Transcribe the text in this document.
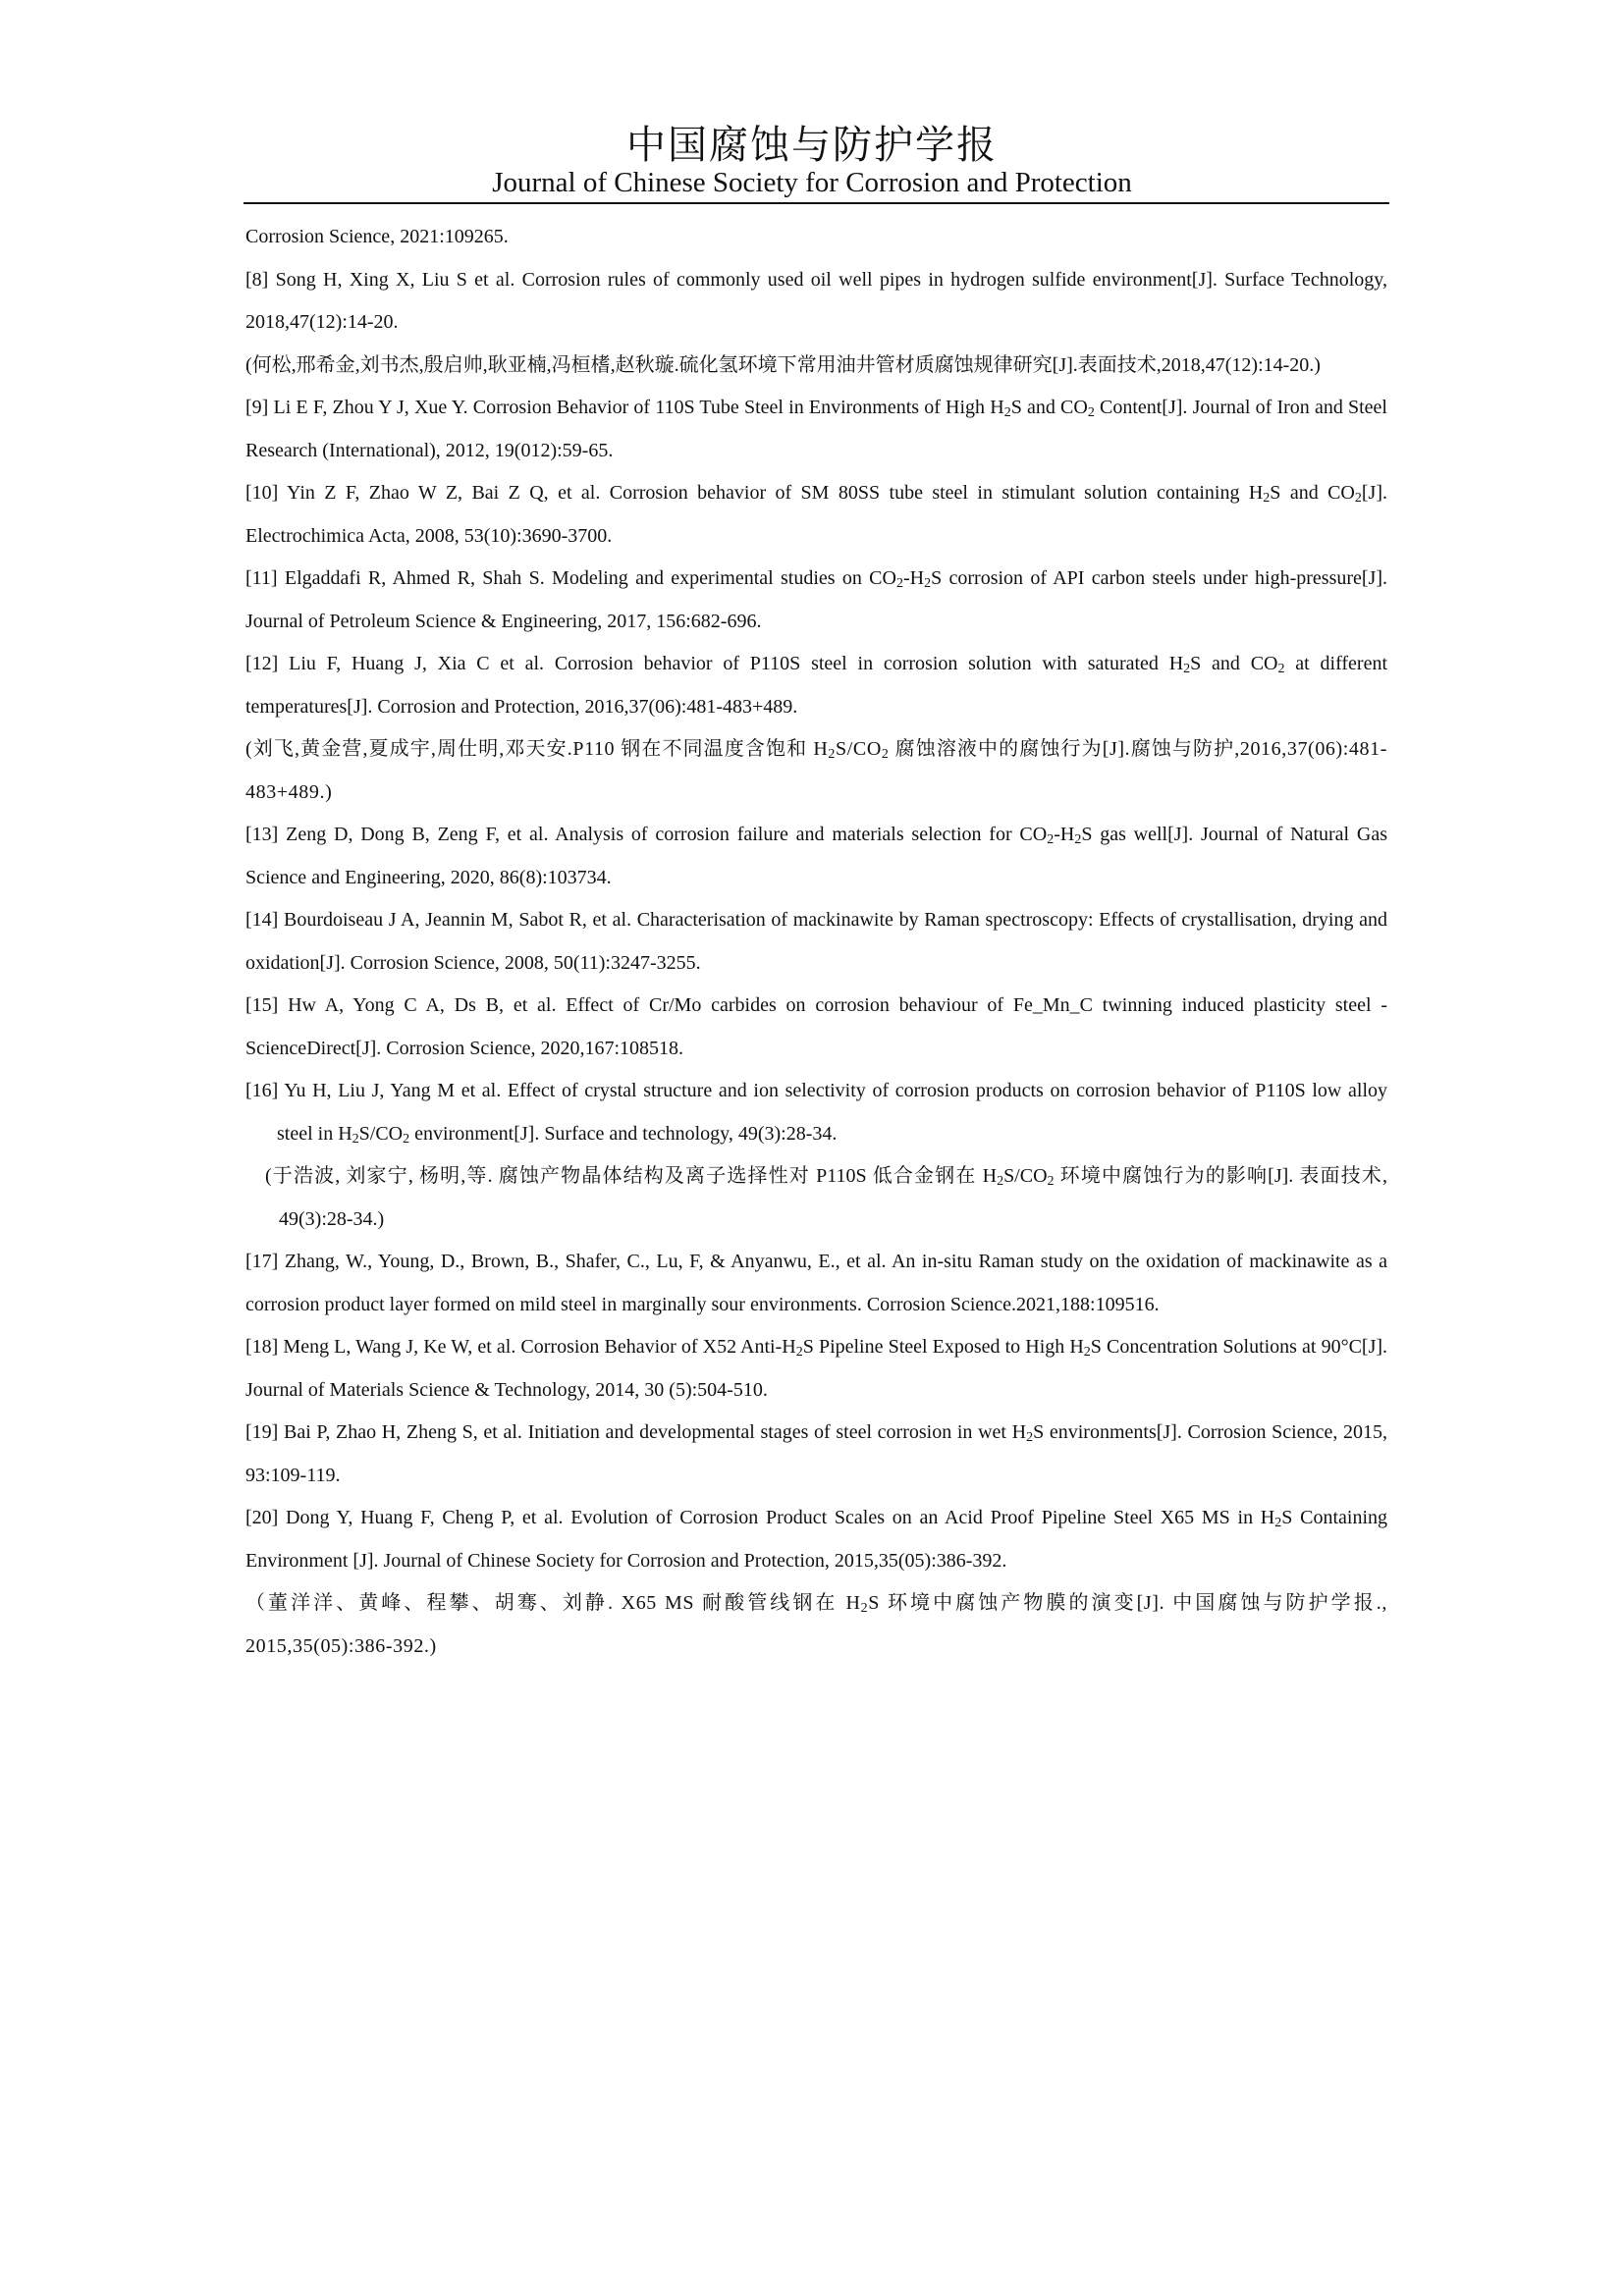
中国腐蚀与防护学报
Journal of Chinese Society for Corrosion and Protection

Corrosion Science, 2021:109265.

[8] Song H, Xing X, Liu S et al. Corrosion rules of commonly used oil well pipes in hydrogen sulfide environment[J]. Surface Technology, 2018,47(12):14-20.

(何松,邢希金,刘书杰,殷启帅,耿亚楠,冯桓榰,赵秋璇.硫化氢环境下常用油井管材质腐蚀规律研究[J].表面技术,2018,47(12):14-20.)

[9] Li E F, Zhou Y J, Xue Y. Corrosion Behavior of 110S Tube Steel in Environments of High $H_2S$ and $CO_2$ Content[J]. Journal of Iron and Steel Research (International), 2012, 19(012):59-65.

[10] Yin Z F, Zhao W Z, Bai Z Q, et al. Corrosion behavior of SM 80SS tube steel in stimulant solution containing $H_2S$ and $CO_2[J]$. Electrochimica Acta, 2008, 53(10):3690-3700.

[11] Elgaddafi R, Ahmed R, Shah S. Modeling and experimental studies on $CO_2-H_2S$ corrosion of API carbon steels under high-pressure[J]. Journal of Petroleum Science & Engineering, 2017, 156:682-696.

[12] Liu F, Huang J, Xia C et al. Corrosion behavior of P110S steel in corrosion solution with saturated $H_2S$ and $CO_2$ at different temperatures[J]. Corrosion and Protection, 2016,37(06):481-483+489.

(刘飞,黄金营,夏成宇,周仕明,邓天安.P110 钢在不同温度含饱和 $H_2S/CO_2$ 腐蚀溶液中的腐蚀行为[J].腐蚀与防护,2016,37(06):481-483+489.)

[13] Zeng D, Dong B, Zeng F, et al. Analysis of corrosion failure and materials selection for $CO_2-H_2S$ gas well[J]. Journal of Natural Gas Science and Engineering, 2020, 86(8):103734.

[14] Bourdoiseau J A, Jeannin M, Sabot R, et al. Characterisation of mackinawite by Raman spectroscopy: Effects of crystallisation, drying and oxidation[J]. Corrosion Science, 2008, 50(11):3247-3255.

[15] Hw A, Yong C A, Ds B, et al. Effect of Cr/Mo carbides on corrosion behaviour of Fe_Mn_C twinning induced plasticity steel - ScienceDirect[J]. Corrosion Science, 2020,167:108518.

[16] Yu H, Liu J, Yang M et al. Effect of crystal structure and ion selectivity of corrosion products on corrosion behavior of P110S low alloy steel in $H_2S/CO_2$ environment[J]. Surface and technology, 49(3):28-34.

(于浩波, 刘家宁, 杨明,等. 腐蚀产物晶体结构及离子选择性对 P110S 低合金钢在 $H_2S/CO_2$ 环境中腐蚀行为的影响[J]. 表面技术, 49(3):28-34.)

[17] Zhang, W., Young, D., Brown, B., Shafer, C., Lu, F, & Anyanwu, E., et al. An in-situ Raman study on the oxidation of mackinawite as a corrosion product layer formed on mild steel in marginally sour environments. Corrosion Science.2021,188:109516.

[18] Meng L, Wang J, Ke W, et al. Corrosion Behavior of X52 Anti-$H_2S$ Pipeline Steel Exposed to High $H_2S$ Concentration Solutions at 90°C[J]. Journal of Materials Science & Technology, 2014, 30 (5):504-510.

[19] Bai P, Zhao H, Zheng S, et al. Initiation and developmental stages of steel corrosion in wet $H_2S$ environments[J]. Corrosion Science, 2015, 93:109-119.

[20] Dong Y, Huang F, Cheng P, et al. Evolution of Corrosion Product Scales on an Acid Proof Pipeline Steel X65 MS in $H_2S$ Containing Environment [J]. Journal of Chinese Society for Corrosion and Protection, 2015,35(05):386-392.

（董洋洋、黄峰、程攀、胡骞、刘静. X65 MS 耐酸管线钢在 $H_2S$ 环境中腐蚀产物膜的演变[J]. 中国腐蚀与防护学报., 2015,35(05):386-392.)
